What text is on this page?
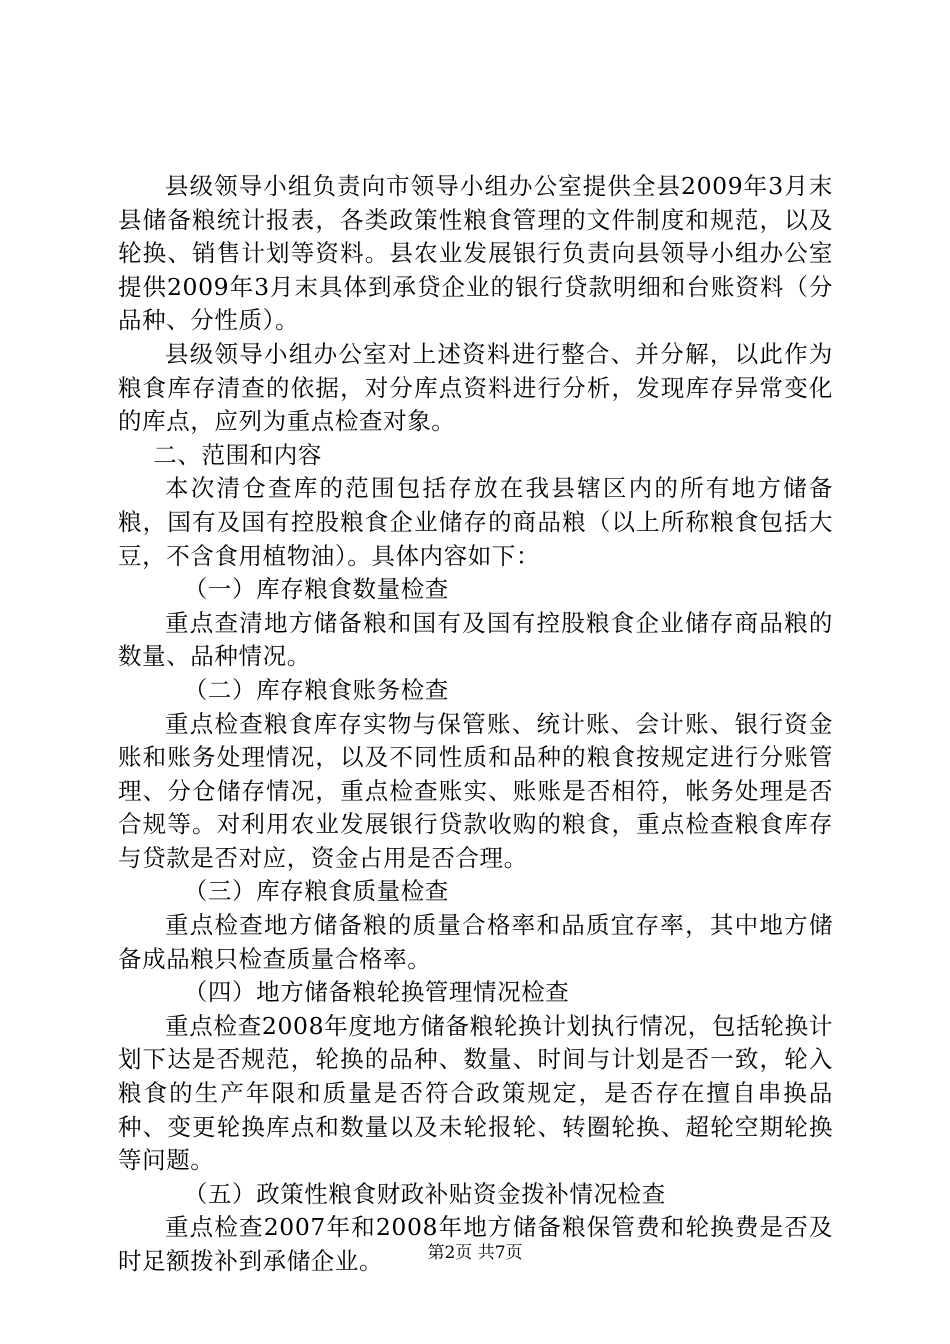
县级领导小组负责向市领导小组办公室提供全县2009年3月末县储备粮统计报表，各类政策性粮食管理的文件制度和规范，以及轮换、销售计划等资料。县农业发展银行负责向县领导小组办公室提供2009年3月末具体到承贷企业的银行贷款明细和台账资料（分品种、分性质）。

县级领导小组办公室对上述资料进行整合、并分解，以此作为粮食库存清查的依据，对分库点资料进行分析，发现库存异常变化的库点，应列为重点检查对象。

二、范围和内容

本次清仓查库的范围包括存放在我县辖区内的所有地方储备粮，国有及国有控股粮食企业储存的商品粮（以上所称粮食包括大豆，不含食用植物油）。具体内容如下：

（一）库存粮食数量检查

重点查清地方储备粮和国有及国有控股粮食企业储存商品粮的数量、品种情况。

（二）库存粮食账务检查

重点检查粮食库存实物与保管账、统计账、会计账、银行资金账和账务处理情况，以及不同性质和品种的粮食按规定进行分账管理、分仓储存情况，重点检查账实、账账是否相符，帐务处理是否合规等。对利用农业发展银行贷款收购的粮食，重点检查粮食库存与贷款是否对应，资金占用是否合理。

（三）库存粮食质量检查

重点检查地方储备粮的质量合格率和品质宜存率，其中地方储备成品粮只检查质量合格率。

（四）地方储备粮轮换管理情况检查

重点检查2008年度地方储备粮轮换计划执行情况，包括轮换计划下达是否规范，轮换的品种、数量、时间与计划是否一致，轮入粮食的生产年限和质量是否符合政策规定，是否存在擅自串换品种、变更轮换库点和数量以及未轮报轮、转圈轮换、超轮空期轮换等问题。

（五）政策性粮食财政补贴资金拨补情况检查

重点检查2007年和2008年地方储备粮保管费和轮换费是否及时足额拨补到承储企业。	第2页 共7页
